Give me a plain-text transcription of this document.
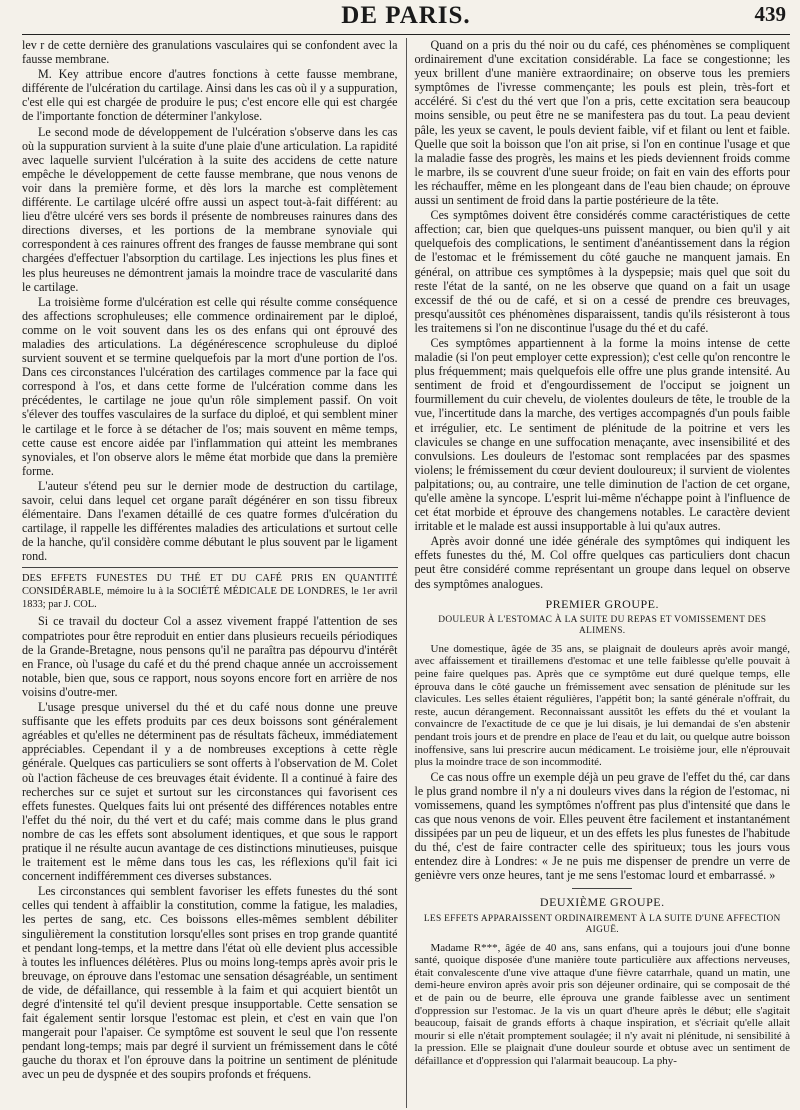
DE PARIS.	439

lev r de cette dernière des granulations vasculaires qui se confondent avec la fausse membrane.

M. Key attribue encore d'autres fonctions à cette fausse membrane, différente de l'ulcération du cartilage. Ainsi dans les cas où il y a suppuration, c'est elle qui est chargée de produire le pus; c'est encore elle qui est chargée de l'importante fonction de déterminer l'ankylose.

Le second mode de développement de l'ulcération s'observe dans les cas où la suppuration survient à la suite d'une plaie d'une articulation. La rapidité avec laquelle survient l'ulcération à la suite des accidens de cette nature empêche le développement de cette fausse membrane, que nous venons de voir dans la première forme, et dès lors la marche est complètement différente. Le cartilage ulcéré offre aussi un aspect tout-à-fait différent: au lieu d'être ulcéré vers ses bords il présente de nombreuses rainures dans des directions diverses, et les portions de la membrane synoviale qui correspondent à ces rainures offrent des franges de fausse membrane qui sont chargées d'effectuer l'absorption du cartilage. Les injections les plus fines et les plus heureuses ne démontrent jamais la moindre trace de vascularité dans le cartilage.

La troisième forme d'ulcération est celle qui résulte comme conséquence des affections scrophuleuses; elle commence ordinairement par le diploé, comme on le voit souvent dans les os des enfans qui ont éprouvé des maladies des articulations. La dégénérescence scrophuleuse du diploé survient souvent et se termine quelquefois par la mort d'une portion de l'os. Dans ces circonstances l'ulcération des cartilages commence par la face qui correspond à l'os, et dans cette forme de l'ulcération comme dans les précédentes, le cartilage ne joue qu'un rôle simplement passif. On voit s'élever des touffes vasculaires de la surface du diploé, et qui semblent miner le cartilage et le force à se détacher de l'os; mais souvent en même temps, cette cause est encore aidée par l'inflammation qui atteint les membranes synoviales, et l'on observe alors le même état morbide que dans la première forme.

L'auteur s'étend peu sur le dernier mode de destruction du cartilage, savoir, celui dans lequel cet organe paraît dégénérer en son tissu fibreux élémentaire. Dans l'examen détaillé de ces quatre formes d'ulcération du cartilage, il rappelle les différentes maladies des articulations et surtout celle de la hanche, qu'il considère comme débutant le plus souvent par le ligament rond.

DES EFFETS FUNESTES DU THÉ ET DU CAFÉ PRIS EN QUANTITÉ CONSIDÉRABLE, mémoire lu à la SOCIÉTÉ MÉDICALE DE LONDRES, le 1er avril 1833; par J. COL.

Si ce travail du docteur Col a assez vivement frappé l'attention de ses compatriotes pour être reproduit en entier dans plusieurs recueils périodiques de la Grande-Bretagne, nous pensons qu'il ne paraîtra pas dépourvu d'intérêt en France, où l'usage du café et du thé prend chaque année un accroissement notable, bien que, sous ce rapport, nous soyons encore fort en arrière de nos voisins d'outre-mer.

L'usage presque universel du thé et du café nous donne une preuve suffisante que les effets produits par ces deux boissons sont généralement agréables et qu'elles ne déterminent pas de résultats fâcheux, immédiatement appréciables. Cependant il y a de nombreuses exceptions à cette règle générale. Quelques cas particuliers se sont offerts à l'observation de M. Colet où l'action fâcheuse de ces breuvages était évidente. Il a continué à faire des recherches sur ce sujet et surtout sur les circonstances qui favorisent ces effets funestes. Quelques faits lui ont présenté des différences notables entre l'effet du thé noir, du thé vert et du café; mais comme dans le plus grand nombre de cas les effets sont absolument identiques, et que sous le rapport pratique il ne résulte aucun avantage de ces distinctions minutieuses, puisque le traitement est le même dans tous les cas, les réflexions qu'il fait ici concernent indifféremment ces diverses substances.

Les circonstances qui semblent favoriser les effets funestes du thé sont celles qui tendent à affaiblir la constitution, comme la fatigue, les maladies, les pertes de sang, etc. Ces boissons elles-mêmes semblent débiliter singulièrement la constitution lorsqu'elles sont prises en trop grande quantité et pendant long-temps, et la mettre dans l'état où elle devient plus accessible à toutes les influences délétères. Plus ou moins long-temps après avoir pris le breuvage, on éprouve dans l'estomac une sensation désagréable, un sentiment de vide, de défaillance, qui ressemble à la faim et qui acquiert bientôt un degré d'intensité tel qu'il devient presque insupportable. Cette sensation se fait également sentir lorsque l'estomac est plein, et c'est en vain que l'on mangerait pour l'apaiser. Ce symptôme est souvent le seul que l'on ressente pendant long-temps; mais par degré il survient un frémissement dans le côté gauche du thorax et l'on éprouve dans la poitrine un sentiment de plénitude avec un peu de dyspnée et des soupirs profonds et fréquens.

Quand on a pris du thé noir ou du café, ces phénomènes se compliquent ordinairement d'une excitation considérable. La face se congestionne; les yeux brillent d'une manière extraordinaire; on observe tous les premiers symptômes de l'ivresse commençante; les pouls est plein, très-fort et accéléré. Si c'est du thé vert que l'on a pris, cette excitation sera beaucoup moins sensible, ou peut être ne se manifestera pas du tout. La peau devient pâle, les yeux se cavent, le pouls devient faible, vif et filant ou lent et faible. Quelle que soit la boisson que l'on ait prise, si l'on en continue l'usage et que la maladie fasse des progrès, les mains et les pieds deviennent froids comme le marbre, ils se couvrent d'une sueur froide; on fait en vain des efforts pour les réchauffer, même en les plongeant dans de l'eau bien chaude; on éprouve aussi un sentiment de froid dans la partie postérieure de la tête.

Ces symptômes doivent être considérés comme caractéristiques de cette affection; car, bien que quelques-uns puissent manquer, ou bien qu'il y ait quelquefois des complications, le sentiment d'anéantissement dans la région de l'estomac et le frémissement du côté gauche ne manquent jamais. En général, on attribue ces symptômes à la dyspepsie; mais quel que soit du reste l'état de la santé, on ne les observe que quand on a fait un usage excessif de thé ou de café, et si on a cessé de prendre ces breuvages, presqu'aussitôt ces phénomènes disparaissent, tandis qu'ils résisteront à tous les traitemens si l'on ne discontinue l'usage du thé et du café.

Ces symptômes appartiennent à la forme la moins intense de cette maladie (si l'on peut employer cette expression); c'est celle qu'on rencontre le plus fréquemment; mais quelquefois elle offre une plus grande intensité. Au sentiment de froid et d'engourdissement de l'occiput se joignent un fourmillement du cuir chevelu, de violentes douleurs de tête, le trouble de la vue, l'incertitude dans la marche, des vertiges accompagnés d'un pouls faible et irrégulier, etc. Le sentiment de plénitude de la poitrine et vers les clavicules se change en une suffocation menaçante, avec insensibilité et des convulsions. Les douleurs de l'estomac sont remplacées par des spasmes violens; le frémissement du cœur devient douloureux; il survient de violentes palpitations; ou, au contraire, une telle diminution de l'action de cet organe, qu'elle amène la syncope. L'esprit lui-même n'échappe point à l'influence de cet état morbide et éprouve des changemens notables. Le caractère devient irritable et le malade est aussi insupportable à lui qu'aux autres.

Après avoir donné une idée générale des symptômes qui indiquent les effets funestes du thé, M. Col offre quelques cas particuliers dont chacun peut être considéré comme représentant un groupe dans lequel on observe des symptômes analogues.

PREMIER GROUPE.
DOULEUR À L'ESTOMAC À LA SUITE DU REPAS ET VOMISSEMENT DES ALIMENS.

Une domestique, âgée de 35 ans, se plaignait de douleurs après avoir mangé, avec affaissement et tiraillemens d'estomac et une telle faiblesse qu'elle pouvait à peine faire quelques pas. Après que ce symptôme eut duré quelque temps, elle éprouva dans le côté gauche un frémissement avec sensation de plénitude sur les clavicules. Les selles étaient régulières, l'appétit bon; la santé générale n'offrait, du reste, aucun dérangement. Reconnaissant aussitôt les effets du thé et voulant la convaincre de l'exactitude de ce que je lui disais, je lui demandai de s'en abstenir pendant trois jours et de prendre en place de l'eau et du lait, ou quelque autre boisson inoffensive, sans lui prescrire aucun médicament. Le troisième jour, elle n'éprouvait plus la moindre trace de son incommodité.

Ce cas nous offre un exemple déjà un peu grave de l'effet du thé, car dans le plus grand nombre il n'y a ni douleurs vives dans la région de l'estomac, ni vomissemens, quand les symptômes n'offrent pas plus d'intensité que dans le cas que nous venons de voir. Elles peuvent être facilement et instantanément dissipées par un peu de liqueur, et un des effets les plus funestes de l'habitude du thé, c'est de faire contracter celle des spiritueux; tous les jours vous entendez dire à Londres: « Je ne puis me dispenser de prendre un verre de genièvre vers onze heures, tant je me sens l'estomac lourd et embarrassé. »

DEUXIÈME GROUPE.
LES EFFETS APPARAISSENT ORDINAIREMENT À LA SUITE D'UNE AFFECTION AIGUË.

Madame R***, âgée de 40 ans, sans enfans, qui a toujours joui d'une bonne santé, quoique disposée d'une manière toute particulière aux affections nerveuses, était convalescente d'une vive attaque d'une fièvre catarrhale, quand un matin, une demi-heure environ après avoir pris son déjeuner ordinaire, qui se composait de thé et de pain ou de beurre, elle éprouva une grande faiblesse avec un sentiment d'oppression sur l'estomac. Je la vis un quart d'heure après le début; elle s'agitait beaucoup, faisait de grands efforts à chaque inspiration, et s'écriait qu'elle allait mourir si elle n'était promptement soulagée; il n'y avait ni plénitude, ni sensibilité à la pression. Elle se plaignait d'une douleur sourde et obtuse avec un sentiment de défaillance et d'oppression qui l'alarmait beaucoup. La phy-
